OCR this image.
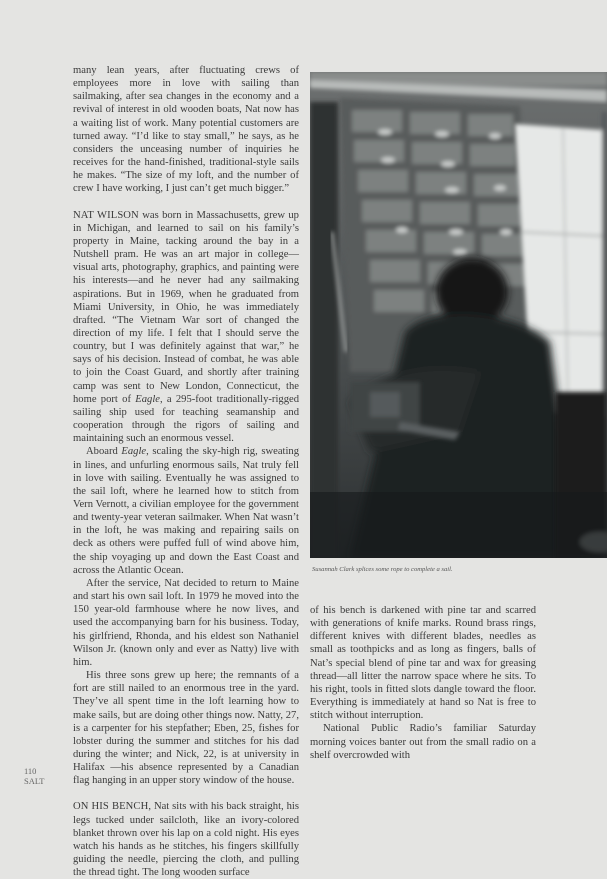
many lean years, after fluctuating crews of employees more in love with sailing than sailmaking, after sea changes in the economy and a revival of interest in old wooden boats, Nat now has a waiting list of work. Many potential customers are turned away. “I’d like to stay small,” he says, as he considers the unceasing number of inquiries he receives for the hand-finished, traditional-style sails he makes. “The size of my loft, and the number of crew I have working, I just can’t get much bigger.”

NAT WILSON was born in Massachusetts, grew up in Michigan, and learned to sail on his family’s property in Maine, tacking around the bay in a Nutshell pram. He was an art major in college—visual arts, photography, graphics, and painting were his interests—and he never had any sailmaking aspirations. But in 1969, when he graduated from Miami University, in Ohio, he was immediately drafted. “The Vietnam War sort of changed the direction of my life. I felt that I should serve the country, but I was definitely against that war,” he says of his decision. Instead of combat, he was able to join the Coast Guard, and shortly after training camp was sent to New London, Connecticut, the home port of Eagle, a 295-foot traditionally-rigged sailing ship used for teaching seamanship and cooperation through the rigors of sailing and maintaining such an enormous vessel.

Aboard Eagle, scaling the sky-high rig, sweating in lines, and unfurling enormous sails, Nat truly fell in love with sailing. Eventually he was assigned to the sail loft, where he learned how to stitch from Vern Vernott, a civilian employee for the government and twenty-year veteran sailmaker. When Nat wasn’t in the loft, he was making and repairing sails on deck as others were puffed full of wind above him, the ship voyaging up and down the East Coast and across the Atlantic Ocean.

After the service, Nat decided to return to Maine and start his own sail loft. In 1979 he moved into the 150 year-old farmhouse where he now lives, and used the accompanying barn for his business. Today, his girlfriend, Rhonda, and his eldest son Nathaniel Wilson Jr. (known only and ever as Natty) live with him.

His three sons grew up here; the remnants of a fort are still nailed to an enormous tree in the yard. They’ve all spent time in the loft learning how to make sails, but are doing other things now. Natty, 27, is a carpenter for his stepfather; Eben, 25, fishes for lobster during the summer and stitches for his dad during the winter; and Nick, 22, is at university in Halifax —his absence represented by a Canadian flag hanging in an upper story window of the house.

ON HIS BENCH, Nat sits with his back straight, his legs tucked under sailcloth, like an ivory-colored blanket thrown over his lap on a cold night. His eyes watch his hands as he stitches, his fingers skillfully guiding the needle, piercing the cloth, and pulling the thread tight. The long wooden surface

Susannah Clark splices some rope to complete a sail.

of his bench is darkened with pine tar and scarred with generations of knife marks. Round brass rings, different knives with different blades, needles as small as toothpicks and as long as fingers, balls of Nat’s special blend of pine tar and wax for greasing thread—all litter the narrow space where he sits. To his right, tools in fitted slots dangle toward the floor. Everything is immediately at hand so Nat is free to stitch without interruption.

National Public Radio’s familiar Saturday morning voices banter out from the small radio on a shelf overcrowded with

110
SALT
